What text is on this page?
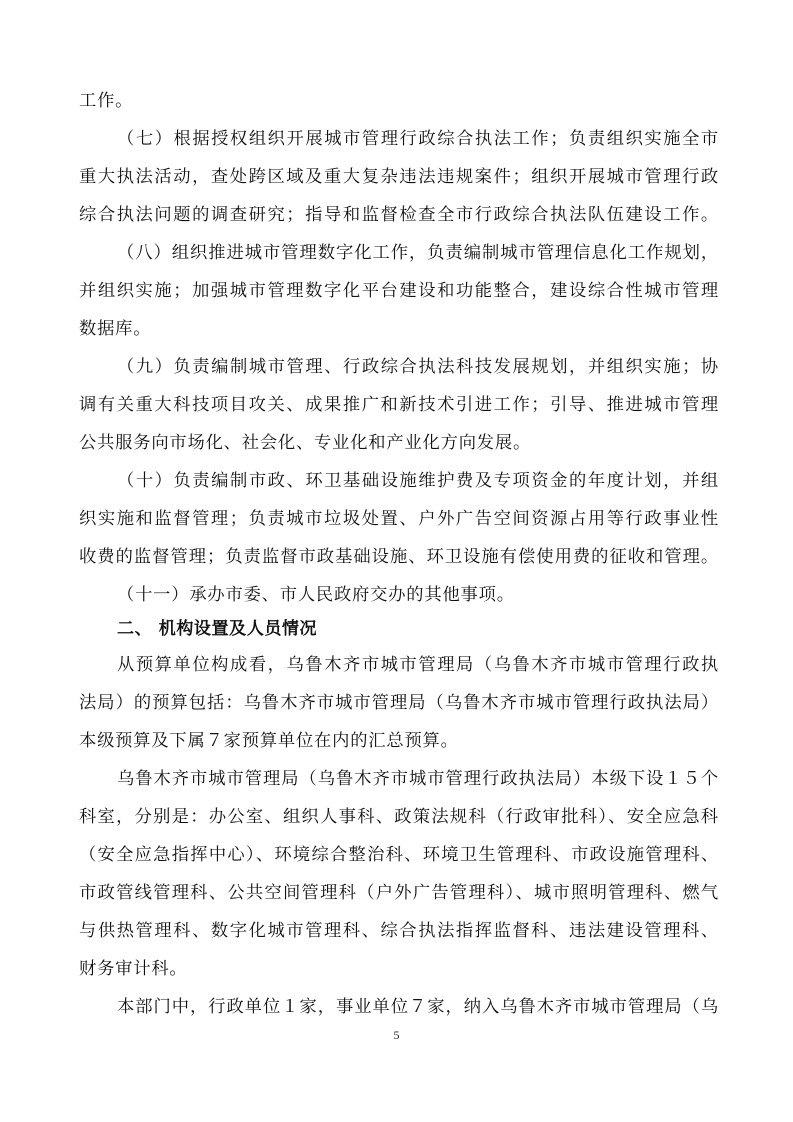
工作。
（七）根据授权组织开展城市管理行政综合执法工作；负责组织实施全市
重大执法活动，查处跨区域及重大复杂违法违规案件；组织开展城市管理行政
综合执法问题的调查研究；指导和监督检查全市行政综合执法队伍建设工作。
（八）组织推进城市管理数字化工作，负责编制城市管理信息化工作规划，
并组织实施；加强城市管理数字化平台建设和功能整合，建设综合性城市管理
数据库。
（九）负责编制城市管理、行政综合执法科技发展规划，并组织实施；协
调有关重大科技项目攻关、成果推广和新技术引进工作；引导、推进城市管理
公共服务向市场化、社会化、专业化和产业化方向发展。
（十）负责编制市政、环卫基础设施维护费及专项资金的年度计划，并组
织实施和监督管理；负责城市垃圾处置、户外广告空间资源占用等行政事业性
收费的监督管理；负责监督市政基础设施、环卫设施有偿使用费的征收和管理。
（十一）承办市委、市人民政府交办的其他事项。
二、 机构设置及人员情况
从预算单位构成看，乌鲁木齐市城市管理局（乌鲁木齐市城市管理行政执
法局）的预算包括：乌鲁木齐市城市管理局（乌鲁木齐市城市管理行政执法局）
本级预算及下属７家预算单位在内的汇总预算。
乌鲁木齐市城市管理局（乌鲁木齐市城市管理行政执法局）本级下设１５个
科室，分别是：办公室、组织人事科、政策法规科（行政审批科）、安全应急科
（安全应急指挥中心）、环境综合整治科、环境卫生管理科、市政设施管理科、
市政管线管理科、公共空间管理科（户外广告管理科）、城市照明管理科、燃气
与供热管理科、数字化城市管理科、综合执法指挥监督科、违法建设管理科、
财务审计科。
本部门中，行政单位１家，事业单位７家，纳入乌鲁木齐市城市管理局（乌
5
